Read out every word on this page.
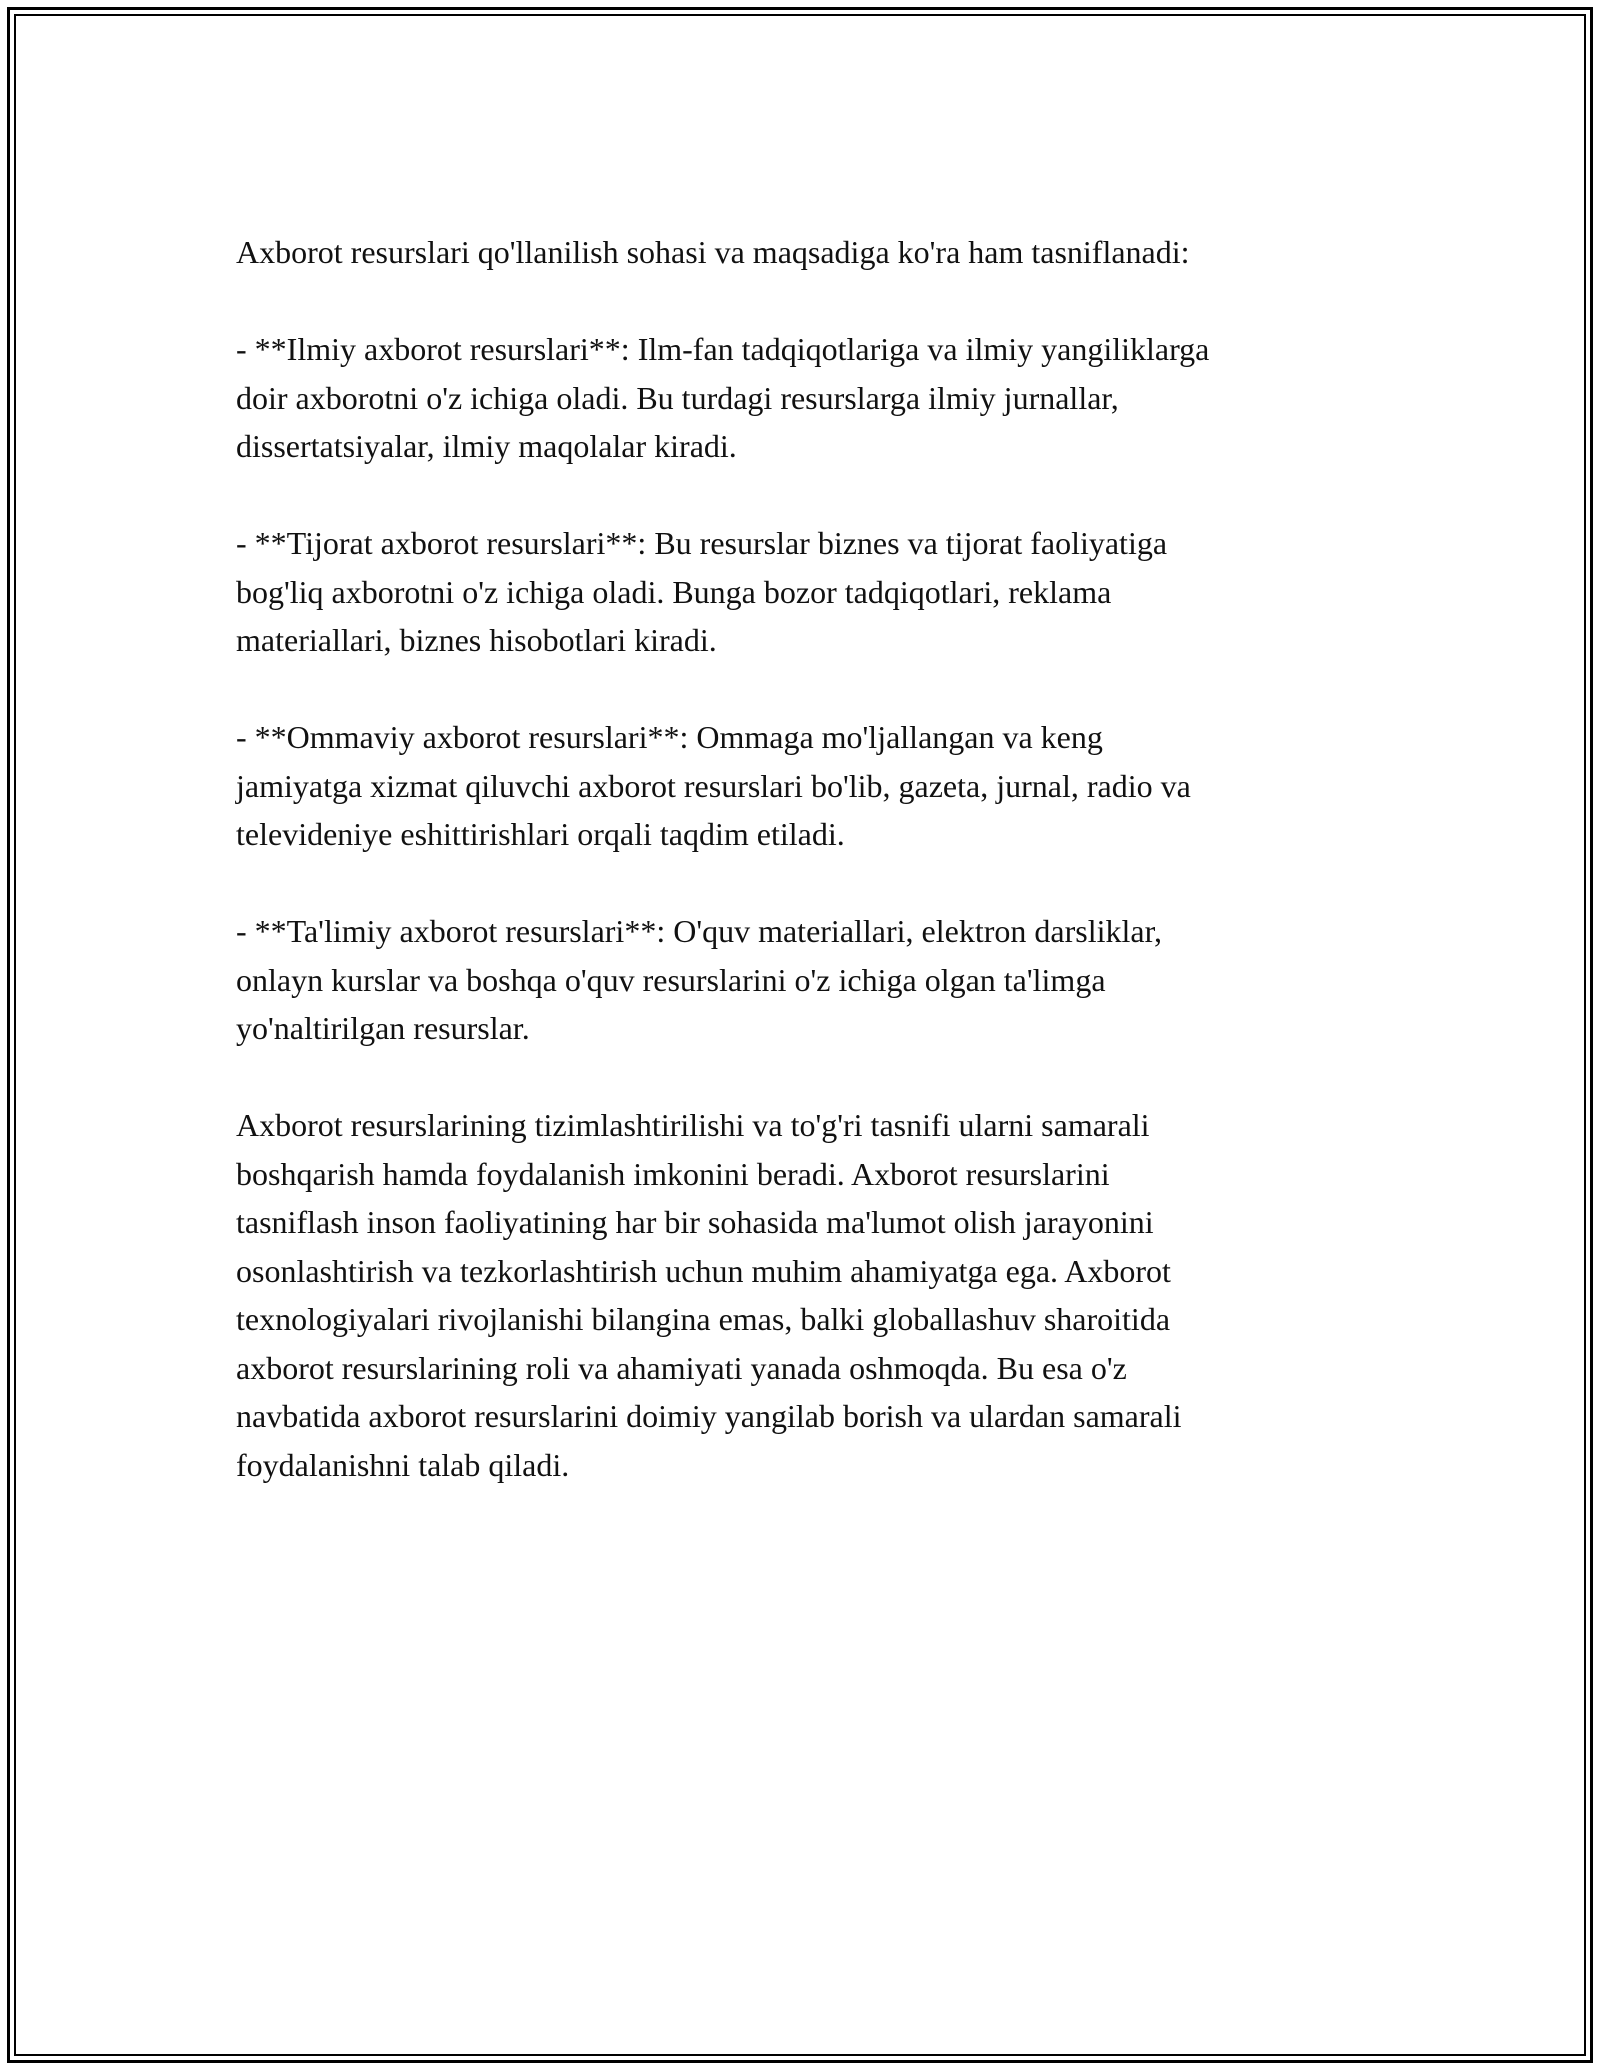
Axborot resurslari qo'llanilish sohasi va maqsadiga ko'ra ham tasniflanadi:

- **Ilmiy axborot resurslari**: Ilm-fan tadqiqotlariga va ilmiy yangiliklarga
doir axborotni o'z ichiga oladi. Bu turdagi resurslarga ilmiy jurnallar,
dissertatsiyalar, ilmiy maqolalar kiradi.

- **Tijorat axborot resurslari**: Bu resurslar biznes va tijorat faoliyatiga
bog'liq axborotni o'z ichiga oladi. Bunga bozor tadqiqotlari, reklama
materiallari, biznes hisobotlari kiradi.

- **Ommaviy axborot resurslari**: Ommaga mo'ljallangan va keng
jamiyatga xizmat qiluvchi axborot resurslari bo'lib, gazeta, jurnal, radio va
televideniye eshittirishlari orqali taqdim etiladi.

- **Ta'limiy axborot resurslari**: O'quv materiallari, elektron darsliklar,
onlayn kurslar va boshqa o'quv resurslarini o'z ichiga olgan ta'limga
yo'naltirilgan resurslar.

Axborot resurslarining tizimlashtirilishi va to'g'ri tasnifi ularni samarali
boshqarish hamda foydalanish imkonini beradi. Axborot resurslarini
tasniflash inson faoliyatining har bir sohasida ma'lumot olish jarayonini
osonlashtirish va tezkorlashtirish uchun muhim ahamiyatga ega. Axborot
texnologiyalari rivojlanishi bilangina emas, balki globallashuv sharoitida
axborot resurslarining roli va ahamiyati yanada oshmoqda. Bu esa o'z
navbatida axborot resurslarini doimiy yangilab borish va ulardan samarali
foydalanishni talab qiladi.
